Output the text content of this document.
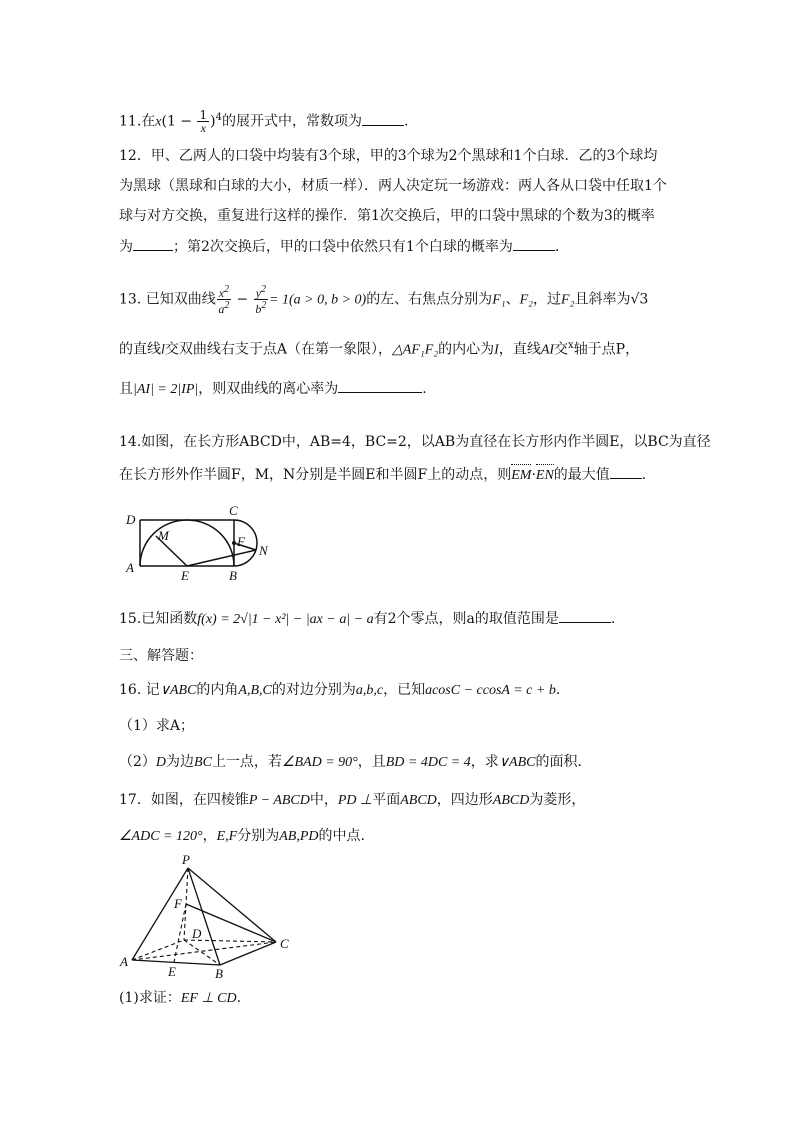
11.在$x(1 - \frac{1}{x} )^4$的展开式中，常数项为	.
12．甲、乙两人的口袋中均装有3个球，甲的3个球为2个黑球和1个白球．乙的3个球均
为黑球（黑球和白球的大小，材质一样）．两人决定玩一场游戏：两人各从口袋中任取1个
球与对方交换，重复进行这样的操作．第1次交换后，甲的口袋中黑球的个数为3的概率
为	；第2次交换后，甲的口袋中依然只有1个白球的概率为	.
13. 已知双曲线 $\frac{x^2}{a^2} - \frac{y^2}{b^2} = 1(a > 0$, b > 0)的左、右焦点分别为F₁、F₂，过F₂且斜率为√3
的直线l交双曲线右支于点A（在第一象限），△AF₁F₂的内心为I，直线AI交$^x$轴于点P，
且|AI| = 2|IP|，则双曲线的离心率为	.
14.如图，在长方形ABCD中，AB=4，BC=2，以AB为直径在长方形内作半圆E，以BC为直径
在长方形外作半圆F，M，N分别是半圆E和半圆F上的动点，则EM·EN的最大值 .
D
C
M	F
N
A
E	B
15.已知函数f(x) = 2√|1 − x²| − |ax − a| − a有2个零点，则a的取值范围是	.
三、解答题：
16. 记∨ABC的内角A,B,C的对边分别为a,b,c，已知acosC − ccosA = c + b.
（1）求A；
（2）D为边BC上一点，若∠BAD = 90°，且BD = 4DC = 4，求∨ABC的面积.
17．如图，在四棱锥P − ABCD中，PD ⊥平面ABCD，四边形ABCD为菱形，
∠ADC = 120°，E,F分别为AB,PD的中点.
P
F
D
C
A
E	B
(1)求证：EF ⊥ CD.
